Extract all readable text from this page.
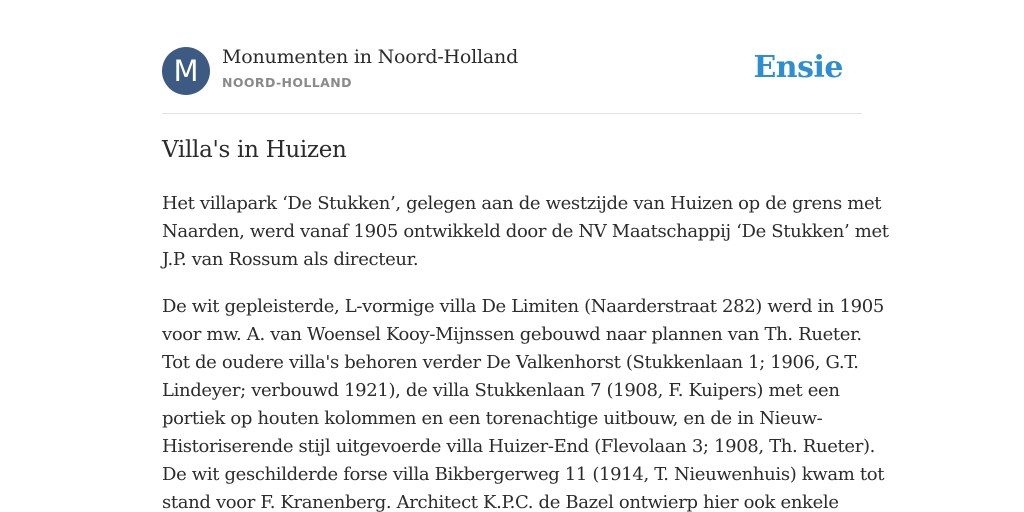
M	Monumenten in Noord-Holland
NOORD-HOLLAND	Ensie
Villa's in Huizen

Het villapark ‘De Stukken’, gelegen aan de westzijde van Huizen op de grens met
Naarden, werd vanaf 1905 ontwikkeld door de NV Maatschappij ‘De Stukken’ met
J.P. van Rossum als directeur.

De wit gepleisterde, L-vormige villa De Limiten (Naarderstraat 282) werd in 1905
voor mw. A. van Woensel Kooy-Mijnssen gebouwd naar plannen van Th. Rueter.
Tot de oudere villa's behoren verder De Valkenhorst (Stukkenlaan 1; 1906, G.T.
Lindeyer; verbouwd 1921), de villa Stukkenlaan 7 (1908, F. Kuipers) met een
portiek op houten kolommen en een torenachtige uitbouw, en de in Nieuw-
Historiserende stijl uitgevoerde villa Huizer-End (Flevolaan 3; 1908, Th. Rueter).
De wit geschilderde forse villa Bikbergerweg 11 (1914, T. Nieuwenhuis) kwam tot
stand voor F. Kranenberg. Architect K.P.C. de Bazel ontwierp hier ook enkele
